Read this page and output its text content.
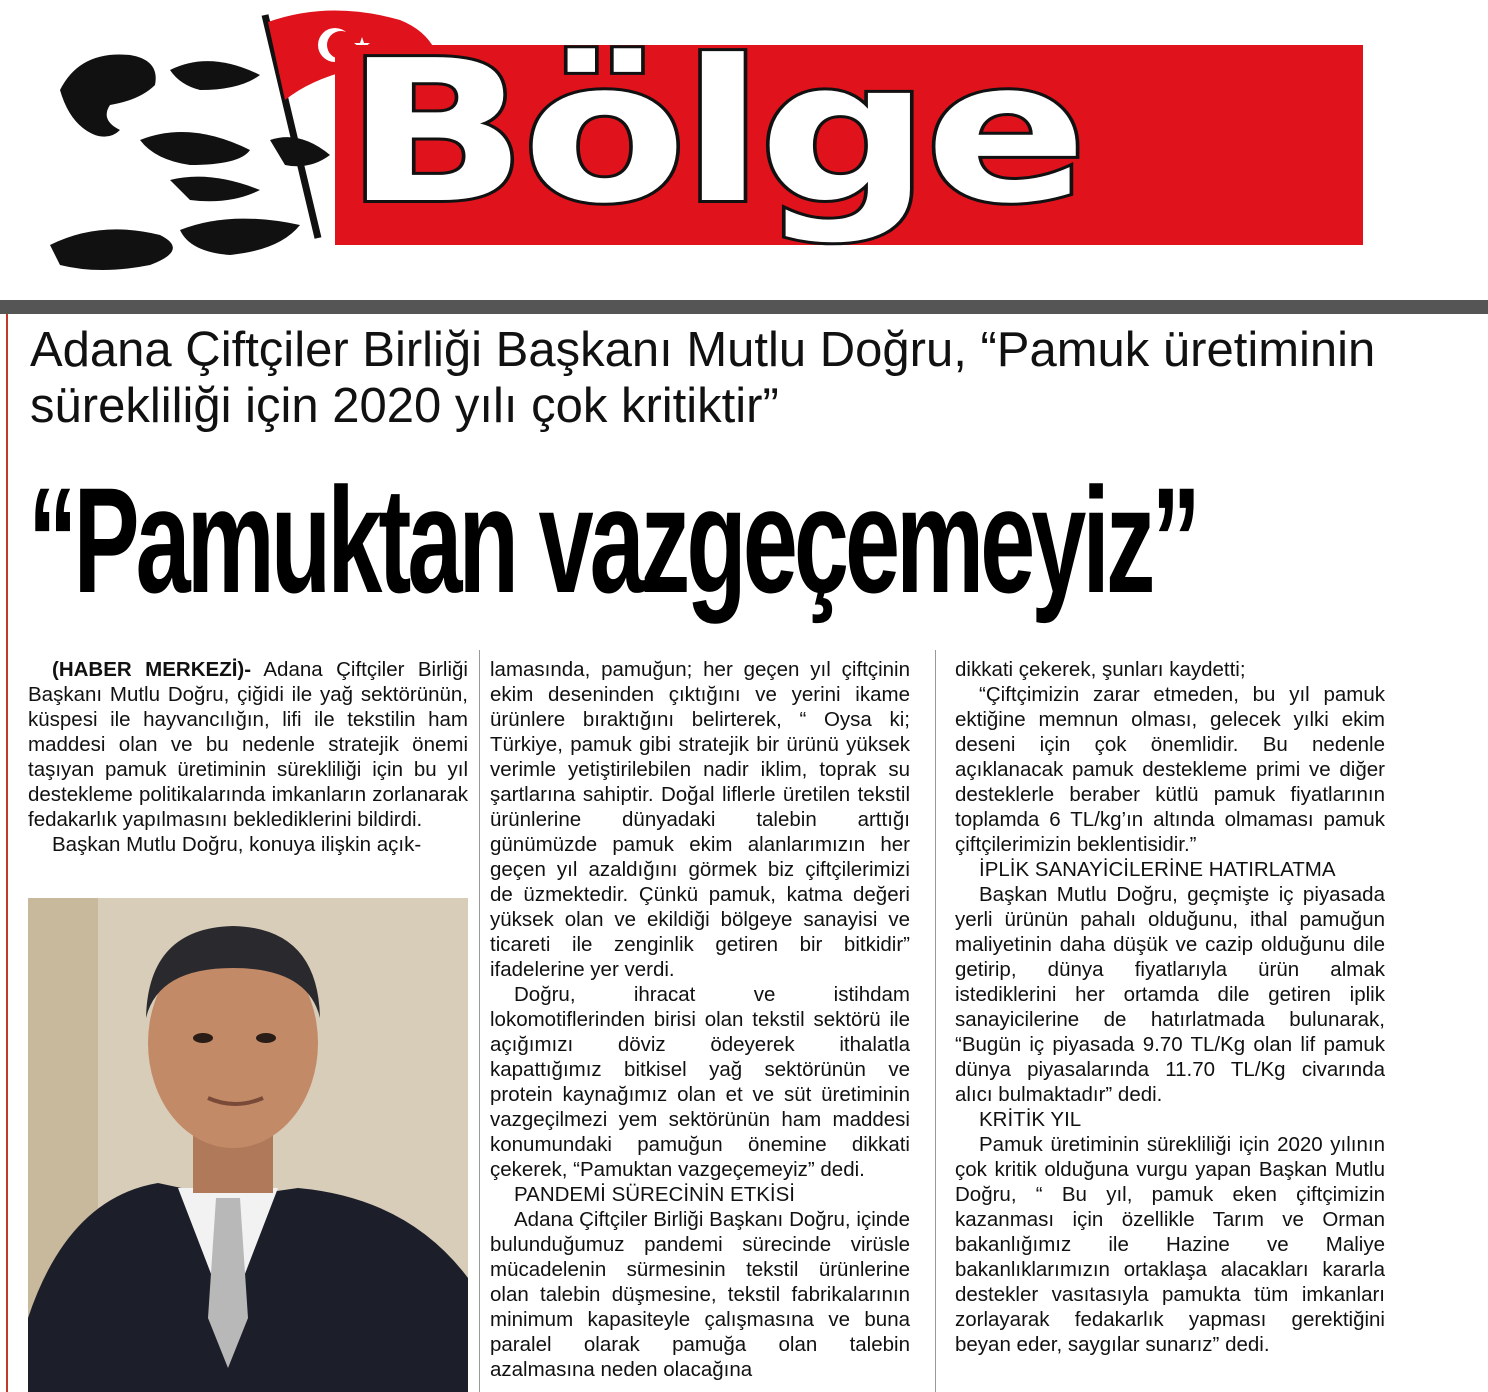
Bölge
Adana Çiftçiler Birliği Başkanı Mutlu Doğru, “Pamuk üretiminin sürekliliği için 2020 yılı çok kritiktir”
“Pamuktan vazgeçemeyiz”

(HABER MERKEZİ)- Adana Çiftçiler Birliği Başkanı Mutlu Doğru, çiğidi ile yağ sektörünün, küspesi ile hayvancılığın, lifi ile tekstilin ham maddesi olan ve bu nedenle stratejik önemi taşıyan pamuk üretiminin sürekliliği için bu yıl destekleme politikalarında imkanların zorlanarak fedakarlık yapılmasını beklediklerini bildirdi.

Başkan Mutlu Doğru, konuya ilişkin açık-

lamasında, pamuğun; her geçen yıl çiftçinin ekim deseninden çıktığını ve yerini ikame ürünlere bıraktığını belirterek, “ Oysa ki; Türkiye, pamuk gibi stratejik bir ürünü yüksek verimle yetiştirilebilen nadir iklim, toprak su şartlarına sahiptir. Doğal liflerle üretilen tekstil ürünlerine dünyadaki talebin arttığı günümüzde pamuk ekim alanlarımızın her geçen yıl azaldığını görmek biz çiftçilerimizi de üzmektedir. Çünkü pamuk, katma değeri yüksek olan ve ekildiği bölgeye sanayisi ve ticareti ile zenginlik getiren bir bitkidir” ifadelerine yer verdi.

Doğru, ihracat ve istihdam lokomotiflerinden birisi olan tekstil sektörü ile açığımızı döviz ödeyerek ithalatla kapattığımız bitkisel yağ sektörünün ve protein kaynağımız olan et ve süt üretiminin vazgeçilmezi yem sektörünün ham maddesi konumundaki pamuğun önemine dikkati çekerek, “Pamuktan vazgeçemeyiz” dedi.

PANDEMİ SÜRECİNİN ETKİSİ

Adana Çiftçiler Birliği Başkanı Doğru, içinde bulunduğumuz pandemi sürecinde virüsle mücadelenin sürmesinin tekstil ürünlerine olan talebin düşmesine, tekstil fabrikalarının minimum kapasiteyle çalışmasına ve buna paralel olarak pamuğa olan talebin azalmasına neden olacağına

dikkati çekerek, şunları kaydetti;

“Çiftçimizin zarar etmeden, bu yıl pamuk ektiğine memnun olması, gelecek yılki ekim deseni için çok önemlidir. Bu nedenle açıklanacak pamuk destekleme primi ve diğer desteklerle beraber kütlü pamuk fiyatlarının toplamda 6 TL/kg’ın altında olmaması pamuk çiftçilerimizin beklentisidir.”

İPLİK SANAYİCİLERİNE HATIRLATMA

Başkan Mutlu Doğru, geçmişte iç piyasada yerli ürünün pahalı olduğunu, ithal pamuğun maliyetinin daha düşük ve cazip olduğunu dile getirip, dünya fiyatlarıyla ürün almak istediklerini her ortamda dile getiren iplik sanayicilerine de hatırlatmada bulunarak, “Bugün iç piyasada 9.70 TL/Kg olan lif pamuk dünya piyasalarında 11.70 TL/Kg civarında alıcı bulmaktadır” dedi.

KRİTİK YIL

Pamuk üretiminin sürekliliği için 2020 yılının çok kritik olduğuna vurgu yapan Başkan Mutlu Doğru, “ Bu yıl, pamuk eken çiftçimizin kazanması için özellikle Tarım ve Orman bakanlığımız ile Hazine ve Maliye bakanlıklarımızın ortaklaşa alacakları kararla destekler vasıtasıyla pamukta tüm imkanları zorlayarak fedakarlık yapması gerektiğini beyan eder, saygılar sunarız” dedi.
